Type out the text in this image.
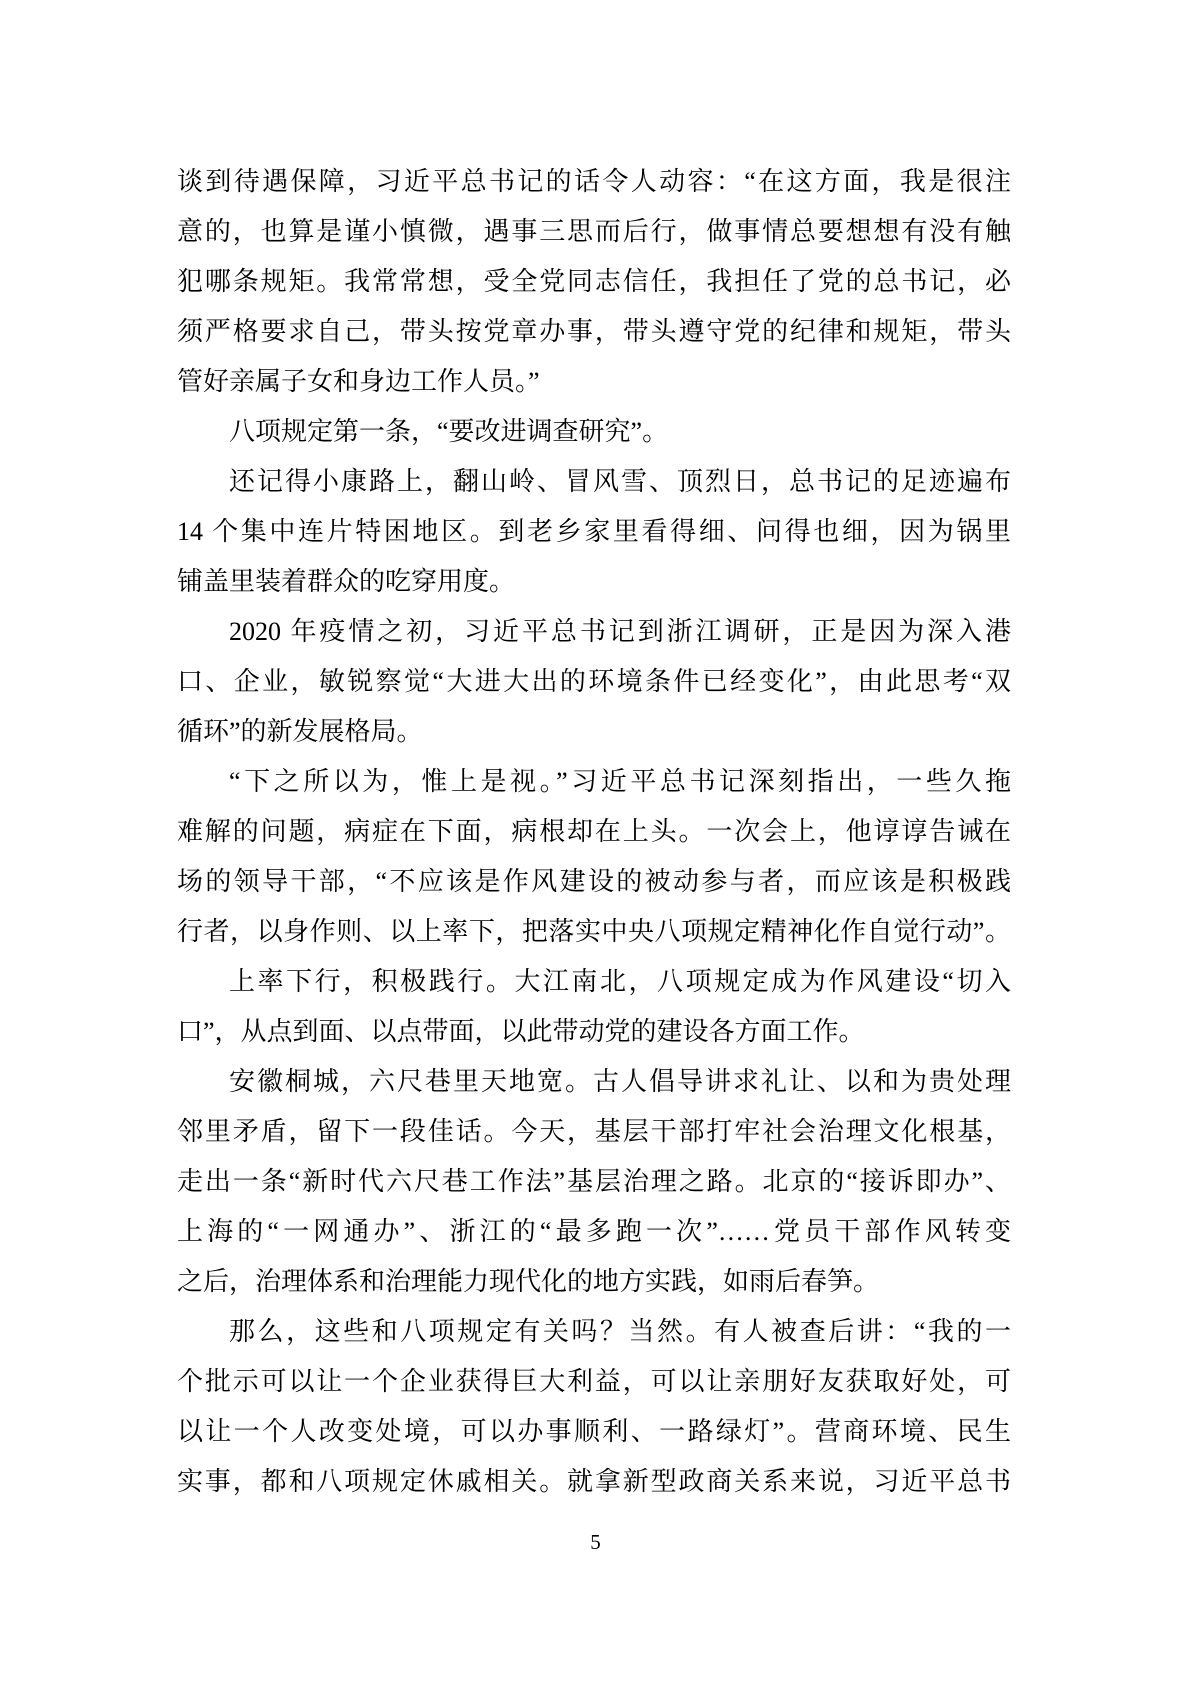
谈到待遇保障，习近平总书记的话令人动容：“在这方面，我是很注
意的，也算是谨小慎微，遇事三思而后行，做事情总要想想有没有触
犯哪条规矩。我常常想，受全党同志信任，我担任了党的总书记，必
须严格要求自己，带头按党章办事，带头遵守党的纪律和规矩，带头
管好亲属子女和身边工作人员。”
八项规定第一条，“要改进调查研究”。
还记得小康路上，翻山岭、冒风雪、顶烈日，总书记的足迹遍布
14 个集中连片特困地区。到老乡家里看得细、问得也细，因为锅里
铺盖里装着群众的吃穿用度。
2020 年疫情之初，习近平总书记到浙江调研，正是因为深入港
口、企业，敏锐察觉“大进大出的环境条件已经变化”，由此思考“双
循环”的新发展格局。
“下之所以为，惟上是视。”习近平总书记深刻指出，一些久拖
难解的问题，病症在下面，病根却在上头。一次会上，他谆谆告诫在
场的领导干部，“不应该是作风建设的被动参与者，而应该是积极践
行者，以身作则、以上率下，把落实中央八项规定精神化作自觉行动”。
上率下行，积极践行。大江南北，八项规定成为作风建设“切入
口”，从点到面、以点带面，以此带动党的建设各方面工作。
安徽桐城，六尺巷里天地宽。古人倡导讲求礼让、以和为贵处理
邻里矛盾，留下一段佳话。今天，基层干部打牢社会治理文化根基，
走出一条“新时代六尺巷工作法”基层治理之路。北京的“接诉即办”、
上海的“一网通办”、浙江的“最多跑一次”……党员干部作风转变
之后，治理体系和治理能力现代化的地方实践，如雨后春笋。
那么，这些和八项规定有关吗？当然。有人被查后讲：“我的一
个批示可以让一个企业获得巨大利益，可以让亲朋好友获取好处，可
以让一个人改变处境，可以办事顺利、一路绿灯”。营商环境、民生
实事，都和八项规定休戚相关。就拿新型政商关系来说，习近平总书
5
